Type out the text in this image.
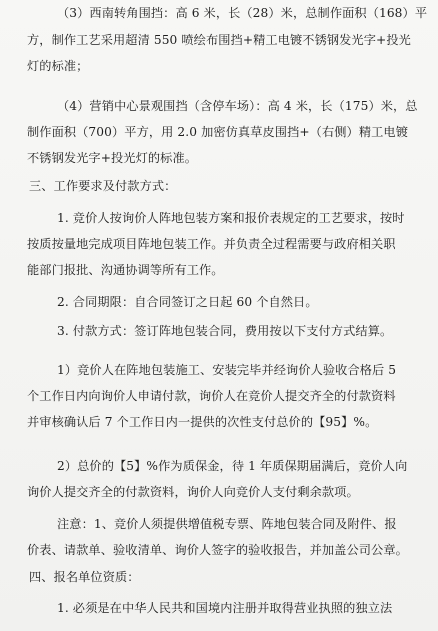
（3）西南转角围挡：高 6 米，长（28）米，总制作面积（168）平
方，制作工艺采用超清 550 喷绘布围挡+精工电镀不锈钢发光字+投光
灯的标准；
（4）营销中心景观围挡（含停车场）：高 4 米，长（175）米，总
制作面积（700）平方，用 2.0 加密仿真草皮围挡+（右侧）精工电镀
不锈钢发光字+投光灯的标准。
三、工作要求及付款方式：
1. 竞价人按询价人阵地包装方案和报价表规定的工艺要求，按时
按质按量地完成项目阵地包装工作。并负责全过程需要与政府相关职
能部门报批、沟通协调等所有工作。
2. 合同期限：自合同签订之日起 60 个自然日。
3. 付款方式：签订阵地包装合同，费用按以下支付方式结算。
1）竞价人在阵地包装施工、安装完毕并经询价人验收合格后 5
个工作日内向询价人申请付款，询价人在竞价人提交齐全的付款资料
并审核确认后 7 个工作日内一提供的次性支付总价的【95】%。
2）总价的【5】%作为质保金，待 1 年质保期届满后，竞价人向
询价人提交齐全的付款资料，询价人向竞价人支付剩余款项。
注意：1、竞价人须提供增值税专票、阵地包装合同及附件、报
价表、请款单、验收清单、询价人签字的验收报告，并加盖公司公章。
四、报名单位资质：
1. 必须是在中华人民共和国境内注册并取得营业执照的独立法
